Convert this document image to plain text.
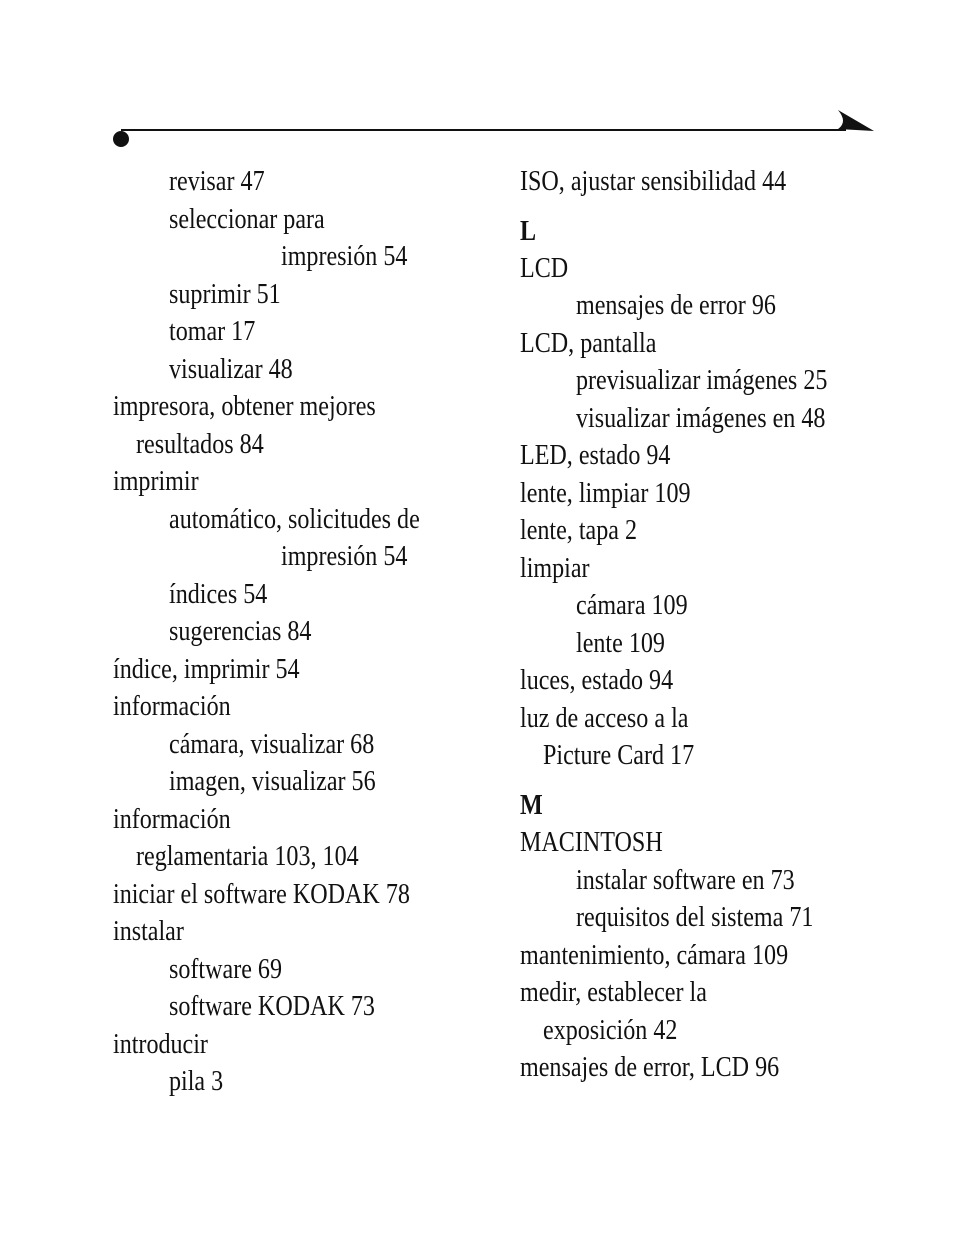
revisar 47
seleccionar para
impresión 54
suprimir 51
tomar 17
visualizar 48
impresora, obtener mejores
resultados 84
imprimir
automático, solicitudes de
impresión 54
índices 54
sugerencias 84
índice, imprimir 54
información
cámara, visualizar 68
imagen, visualizar 56
información
reglamentaria 103, 104
iniciar el software KODAK 78
instalar
software 69
software KODAK 73
introducir
pila 3
ISO, ajustar sensibilidad 44
L
LCD
mensajes de error 96
LCD, pantalla
previsualizar imágenes 25
visualizar imágenes en 48
LED, estado 94
lente, limpiar 109
lente, tapa 2
limpiar
cámara 109
lente 109
luces, estado 94
luz de acceso a la
Picture Card 17
M
MACINTOSH
instalar software en 73
requisitos del sistema 71
mantenimiento, cámara 109
medir, establecer la
exposición 42
mensajes de error, LCD 96
